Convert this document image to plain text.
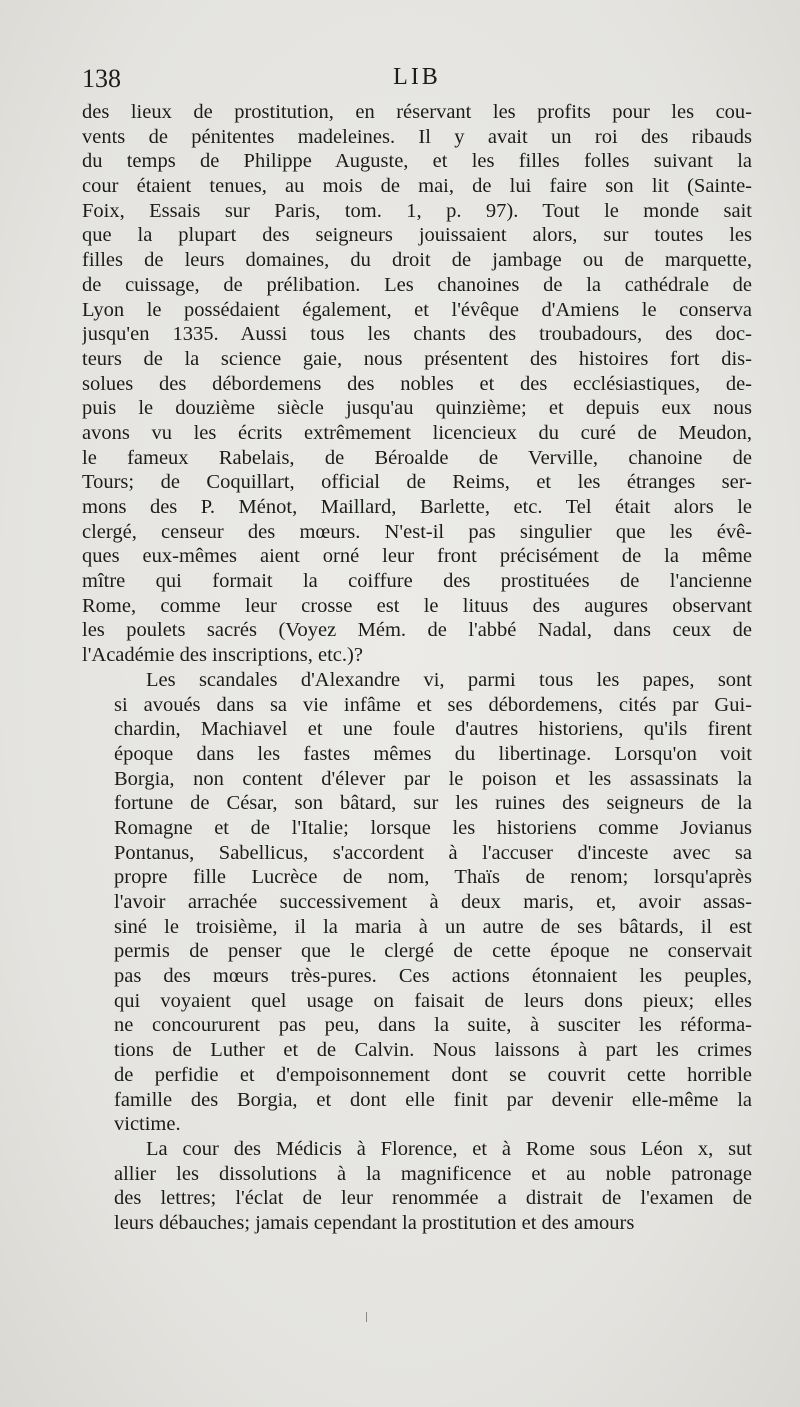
138	LIB
des lieux de prostitution, en réservant les profits pour les cou-
vents de pénitentes madeleines. Il y avait un roi des ribauds
du temps de Philippe Auguste, et les filles folles suivant la
cour étaient tenues, au mois de mai, de lui faire son lit (Sainte-
Foix, Essais sur Paris, tom. 1, p. 97). Tout le monde sait
que la plupart des seigneurs jouissaient alors, sur toutes les
filles de leurs domaines, du droit de jambage ou de marquette,
de cuissage, de prélibation. Les chanoines de la cathédrale de
Lyon le possédaient également, et l'évêque d'Amiens le conserva
jusqu'en 1335. Aussi tous les chants des troubadours, des doc-
teurs de la science gaie, nous présentent des histoires fort dis-
solues des débordemens des nobles et des ecclésiastiques, de-
puis le douzième siècle jusqu'au quinzième; et depuis eux nous
avons vu les écrits extrêmement licencieux du curé de Meudon,
le fameux Rabelais, de Béroalde de Verville, chanoine de
Tours; de Coquillart, official de Reims, et les étranges ser-
mons des P. Ménot, Maillard, Barlette, etc. Tel était alors le
clergé, censeur des mœurs. N'est-il pas singulier que les évê-
ques eux-mêmes aient orné leur front précisément de la même
mître qui formait la coiffure des prostituées de l'ancienne
Rome, comme leur crosse est le lituus des augures observant
les poulets sacrés (Voyez Mém. de l'abbé Nadal, dans ceux de
l'Académie des inscriptions, etc.)?
Les scandales d'Alexandre vi, parmi tous les papes, sont
si avoués dans sa vie infâme et ses débordemens, cités par Gui-
chardin, Machiavel et une foule d'autres historiens, qu'ils firent
époque dans les fastes mêmes du libertinage. Lorsqu'on voit
Borgia, non content d'élever par le poison et les assassinats la
fortune de César, son bâtard, sur les ruines des seigneurs de la
Romagne et de l'Italie; lorsque les historiens comme Jovianus
Pontanus, Sabellicus, s'accordent à l'accuser d'inceste avec sa
propre fille Lucrèce de nom, Thaïs de renom; lorsqu'après
l'avoir arrachée successivement à deux maris, et, avoir assas-
siné le troisième, il la maria à un autre de ses bâtards, il est
permis de penser que le clergé de cette époque ne conservait
pas des mœurs très-pures. Ces actions étonnaient les peuples,
qui voyaient quel usage on faisait de leurs dons pieux; elles
ne concoururent pas peu, dans la suite, à susciter les réforma-
tions de Luther et de Calvin. Nous laissons à part les crimes
de perfidie et d'empoisonnement dont se couvrit cette horrible
famille des Borgia, et dont elle finit par devenir elle-même la
victime.
La cour des Médicis à Florence, et à Rome sous Léon x, sut
allier les dissolutions à la magnificence et au noble patronage
des lettres; l'éclat de leur renommée a distrait de l'examen de
leurs débauches; jamais cependant la prostitution et des amours
